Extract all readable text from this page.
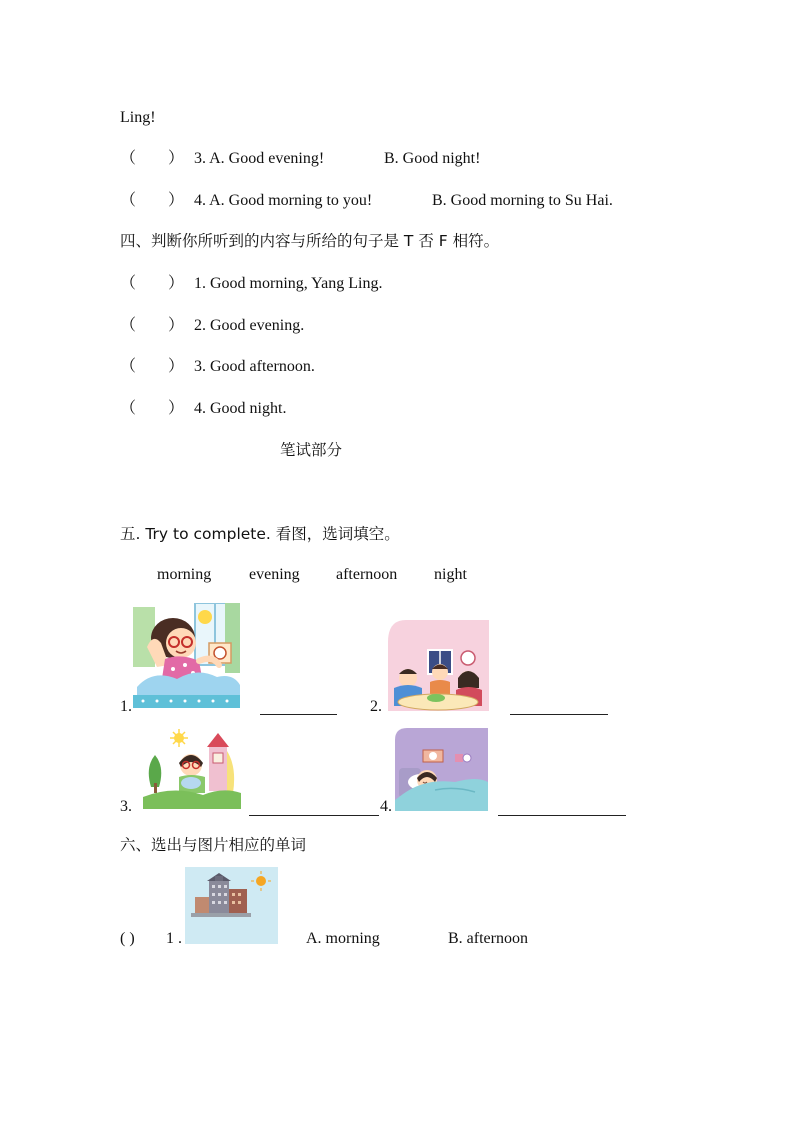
Ling!
（　　） 3. A. Good evening!	B. Good night!
（　　） 4. A. Good morning to you!	B. Good morning to Su Hai.
四、判断你所听到的内容与所给的句子是 T 否 F 相符。
（　　） 1. Good morning, Yang Ling.
（　　） 2. Good evening.
（　　） 3. Good afternoon.
（　　） 4. Good night.
笔试部分
五. Try to complete. 看图，选词填空。
morning evening afternoon night
1.	2.
3.	4.
六、选出与图片相应的单词
( ) 1 .	A. morning	B. afternoon
